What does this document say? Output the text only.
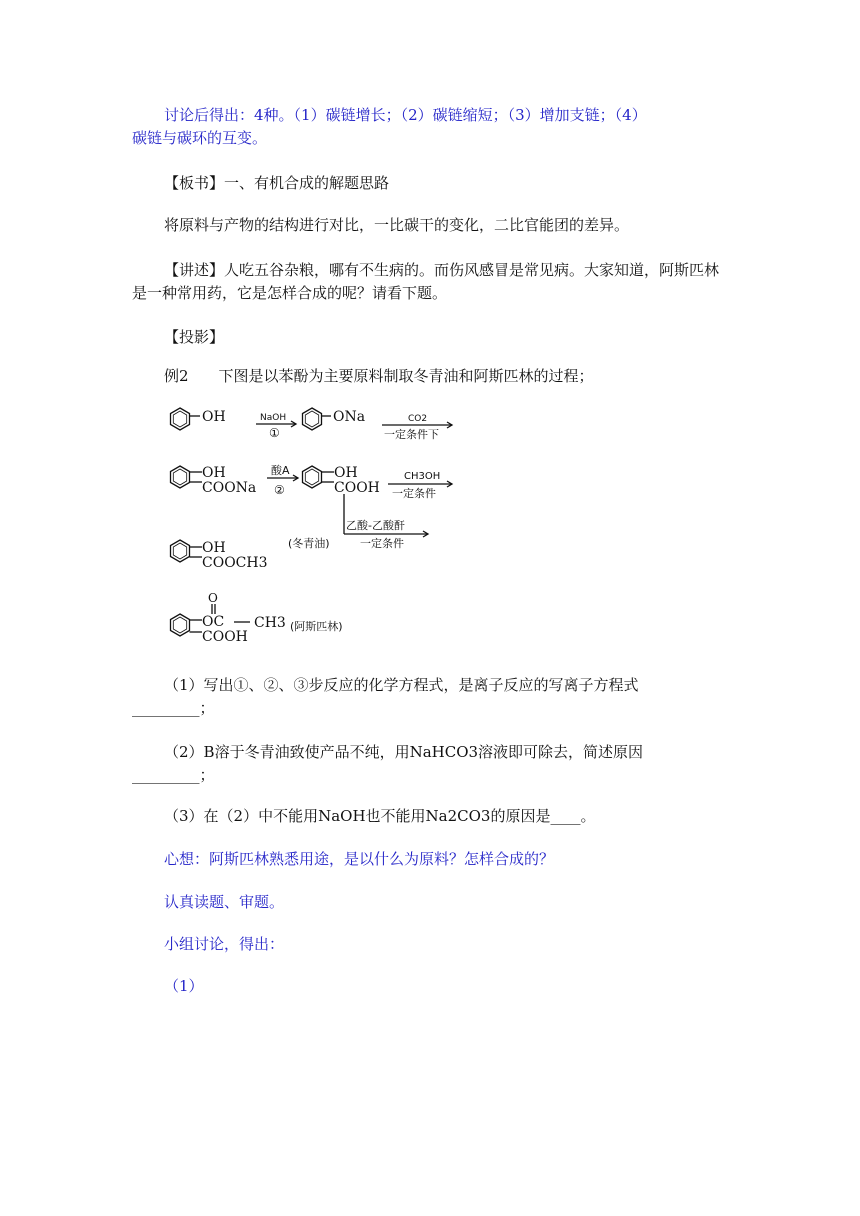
讨论后得出：4种。（1）碳链增长；（2）碳链缩短；（3）增加支链；（4）
碳链与碳环的互变。
【板书】一、有机合成的解题思路
将原料与产物的结构进行对比，一比碳干的变化，二比官能团的差异。
【讲述】人吃五谷杂粮，哪有不生病的。而伤风感冒是常见病。大家知道，阿斯匹林
是一种常用药，它是怎样合成的呢？请看下题。
【投影】
例2　　下图是以苯酚为主要原料制取冬青油和阿斯匹林的过程；
OH	NaOH
①
ONa	CO2
一定条件下
OH
COONa
酸A
②
OH
COOH
CH3OH
一定条件
乙酸-乙酸酐
一定条件
(冬青油)
OH
COOCH3
O
OC CH3
COOH
(阿斯匹林)
（1）写出①、②、③步反应的化学方程式，是离子反应的写离子方程式
_________；
（2）B溶于冬青油致使产品不纯，用NaHCO3溶液即可除去，简述原因
_________；
（3）在（2）中不能用NaOH也不能用Na2CO3的原因是____。
心想：阿斯匹林熟悉用途，是以什么为原料？怎样合成的？
认真读题、审题。
小组讨论，得出：
（1）
